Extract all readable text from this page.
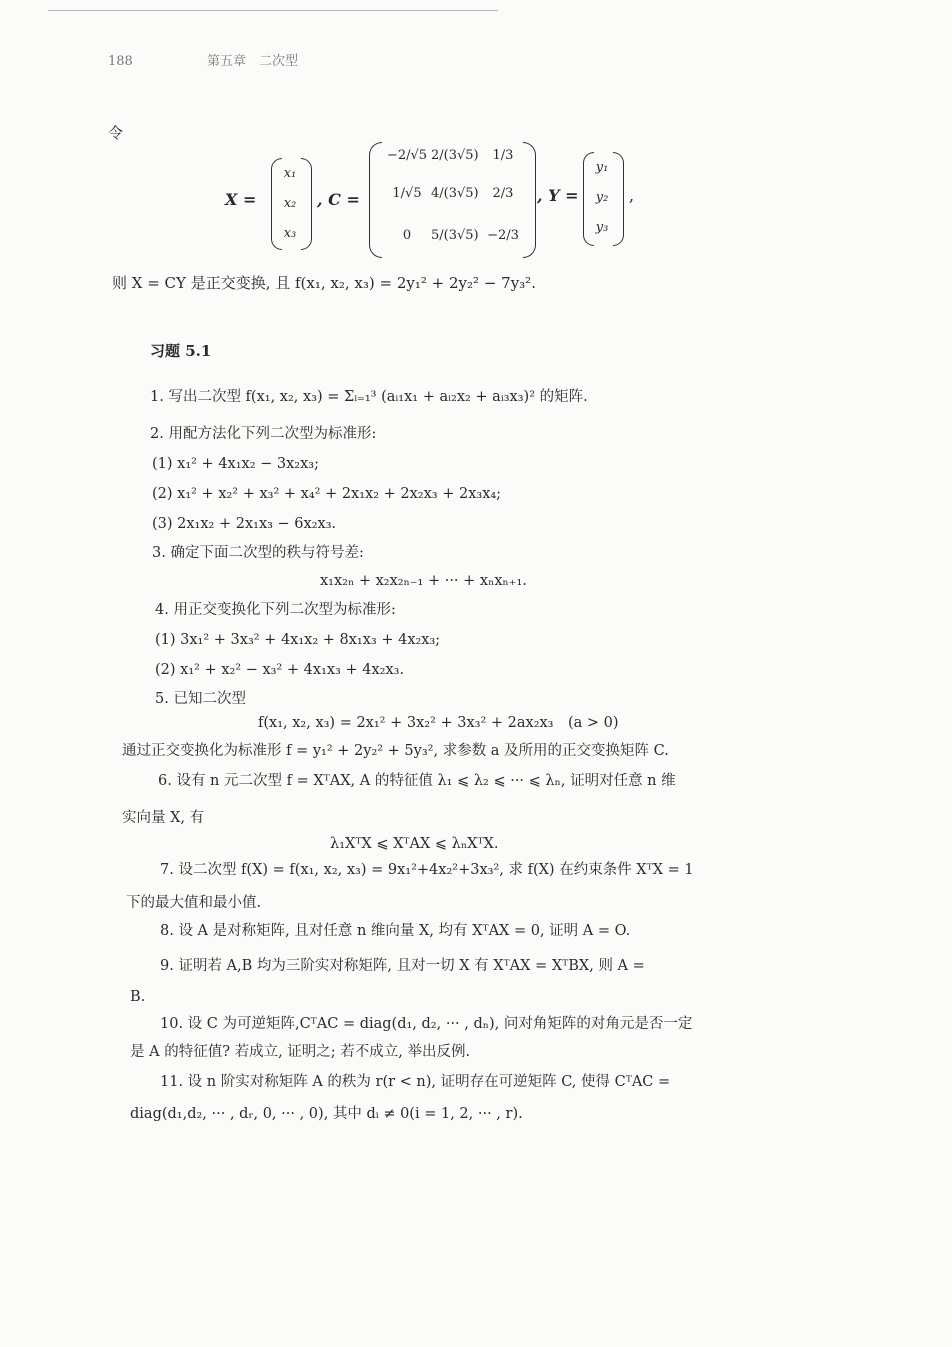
188	第五章　二次型
令
X =
x₁
x₂
x₃
, C =
−2/√5 2/(3√5)	1/3
1/√5 4/(3√5)	2/3
0	5/(3√5) −2/3
, Y =
y₁
y₂
y₃
,
则 X = CY 是正交变换, 且 f(x₁, x₂, x₃) = 2y₁² + 2y₂² − 7y₃².
习题 5.1
1. 写出二次型 f(x₁, x₂, x₃) = Σᵢ₌₁³ (aᵢ₁x₁ + aᵢ₂x₂ + aᵢ₃x₃)² 的矩阵.
2. 用配方法化下列二次型为标准形:
(1) x₁² + 4x₁x₂ − 3x₂x₃;
(2) x₁² + x₂² + x₃² + x₄² + 2x₁x₂ + 2x₂x₃ + 2x₃x₄;
(3) 2x₁x₂ + 2x₁x₃ − 6x₂x₃.
3. 确定下面二次型的秩与符号差:
x₁x₂ₙ + x₂x₂ₙ₋₁ + ··· + xₙxₙ₊₁.
4. 用正交变换化下列二次型为标准形:
(1) 3x₁² + 3x₃² + 4x₁x₂ + 8x₁x₃ + 4x₂x₃;
(2) x₁² + x₂² − x₃² + 4x₁x₃ + 4x₂x₃.
5. 已知二次型
f(x₁, x₂, x₃) = 2x₁² + 3x₂² + 3x₃² + 2ax₂x₃　(a > 0)
通过正交变换化为标准形 f = y₁² + 2y₂² + 5y₃², 求参数 a 及所用的正交变换矩阵 C.
6. 设有 n 元二次型 f = XᵀAX, A 的特征值 λ₁ ⩽ λ₂ ⩽ ··· ⩽ λₙ, 证明对任意 n 维
实向量 X, 有
λ₁XᵀX ⩽ XᵀAX ⩽ λₙXᵀX.
7. 设二次型 f(X) = f(x₁, x₂, x₃) = 9x₁²+4x₂²+3x₃², 求 f(X) 在约束条件 XᵀX = 1
下的最大值和最小值.
8. 设 A 是对称矩阵, 且对任意 n 维向量 X, 均有 XᵀAX = 0, 证明 A = O.
9. 证明若 A,B 均为三阶实对称矩阵, 且对一切 X 有 XᵀAX = XᵀBX, 则 A =
B.
10. 设 C 为可逆矩阵,CᵀAC = diag(d₁, d₂, ··· , dₙ), 问对角矩阵的对角元是否一定
是 A 的特征值? 若成立, 证明之; 若不成立, 举出反例.
11. 设 n 阶实对称矩阵 A 的秩为 r(r < n), 证明存在可逆矩阵 C, 使得 CᵀAC =
diag(d₁,d₂, ··· , dᵣ, 0, ··· , 0), 其中 dᵢ ≠ 0(i = 1, 2, ··· , r).
